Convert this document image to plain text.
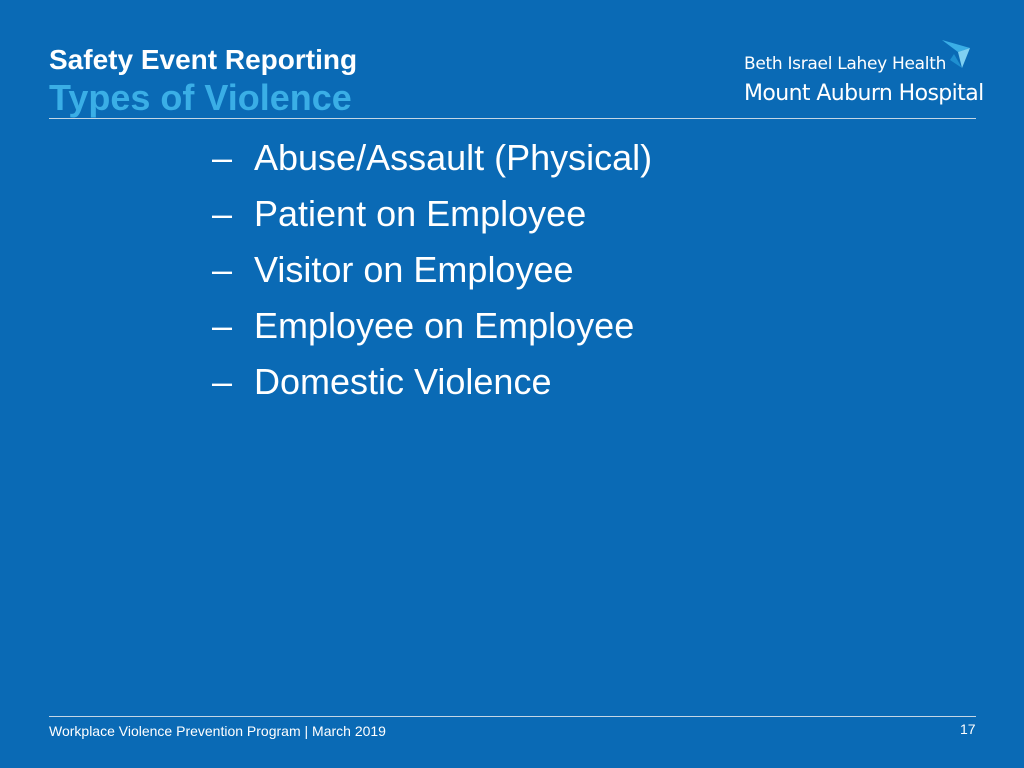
Safety Event Reporting
Types of Violence
Beth Israel Lahey Health
Mount Auburn Hospital
– Abuse/Assault (Physical)
– Patient on Employee
– Visitor on Employee
– Employee on Employee
– Domestic Violence
Workplace Violence Prevention Program | March 2019	17
